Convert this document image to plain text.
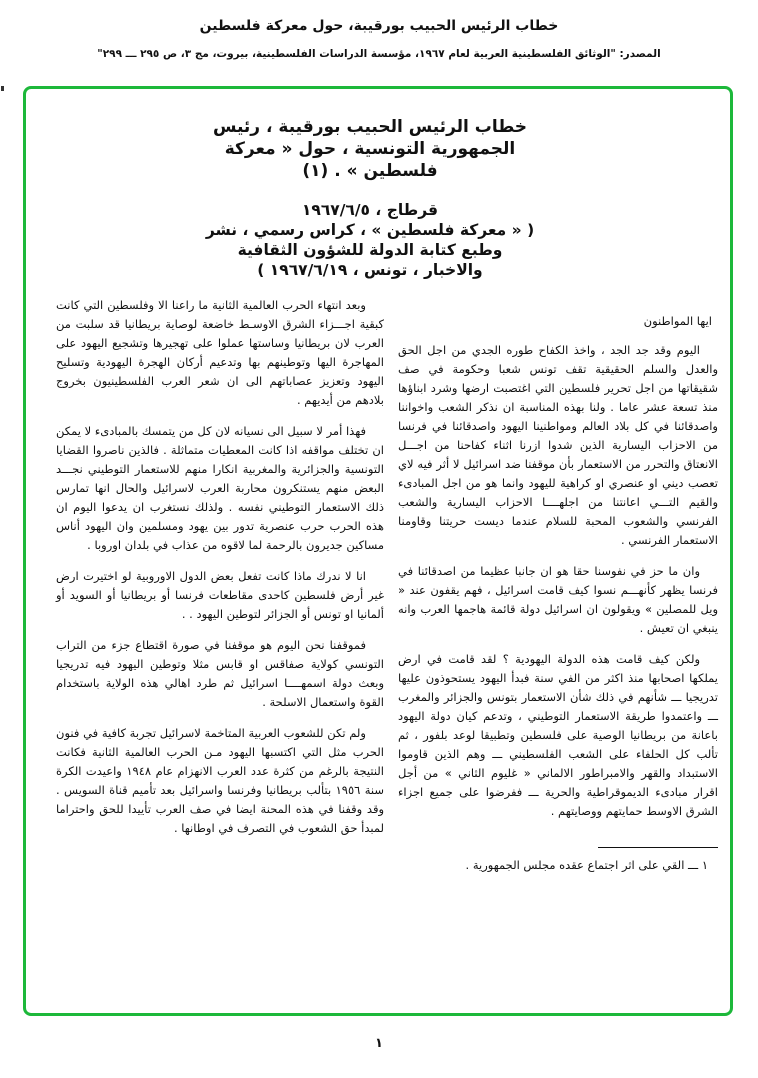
خطاب الرئيس الحبيب بورقيبة، حول معركة فلسطين
المصدر: "الوثائق الفلسطينية العربية لعام ١٩٦٧، مؤسسة الدراسات الفلسطينية، بيروت، مج ٣، ص ٢٩٥ ـــ ٢٩٩"

خطاب الرئيس الحبيب بورقيبة ، رئيس

الجمهورية التونسية ، حول « معركة

فلسطين » . (١)

قرطاج ، ١٩٦٧/٦/٥

( « معركة فلسطين » ، كراس رسمي ، نشر

وطبع كتابة الدولة للشؤون الثقافية

والاخبار ، تونس ، ١٩٦٧/٦/١٩ )

ايها المواطنون

اليوم وقد جد الجد ، واخذ الكفاح طوره الجدي من اجل الحق والعدل والسلم الحقيقية تقف تونس شعبا وحكومة في صف شقيقاتها من اجل تحرير فلسطين التي اغتصبت ارضها وشرد ابناؤها منذ تسعة عشر عاما . ولنا بهذه المناسبة ان نذكر الشعب واخواننا واصدقائنا في كل بلاد العالم ومواطنينا اليهود واصدقائنا في فرنسا من الاحزاب اليسارية الذين شدوا ازرنا اثناء كفاحنا من اجـــل الانعتاق والتحرر من الاستعمار بأن موقفنا ضد اسرائيل لا أثر فيه لاي تعصب ديني او عنصري او كراهية لليهود وانما هو من اجل المبادىء والقيم التـــي اعانتنا من اجلهــــا الاحزاب اليسارية والشعب الفرنسي والشعوب المحبة للسلام عندما ديست حريتنا وقاومنا الاستعمار الفرنسي .

وان ما حز في نفوسنا حقا هو ان جانبا عظيما من اصدقائنا في فرنسا يظهر كأنهـــم نسوا كيف قامت اسرائيل ، فهم يقفون عند « ويل للمصلين » ويقولون ان اسرائيل دولة قائمة هاجمها العرب وانه ينبغي ان تعيش .

ولكن كيف قامت هذه الدولة اليهودية ؟ لقد قامت في ارض يملكها اصحابها منذ اكثر من الفي سنة فبدأ اليهود يستحوذون عليها تدريجيا ـــ شأنهم في ذلك شأن الاستعمار بتونس والجزائر والمغرب ـــ واعتمدوا طريقة الاستعمار التوطيني ، وتدعم كيان دولة اليهود باعانة من بريطانيا الوصية على فلسطين وتطبيقا لوعد بلفور ، ثم تألب كل الحلفاء على الشعب الفلسطيني ـــ وهم الذين قاوموا الاستبداد والقهر والامبراطور الالماني « غليوم الثاني » من أجل اقرار مبادىء الديموقراطية والحرية ـــ ففرضوا على جميع اجزاء الشرق الاوسط حمايتهم ووصايتهم .

١ ـــ القي على اثر اجتماع عقده مجلس الجمهورية .

وبعد انتهاء الحرب العالمية الثانية ما راعنا الا وفلسطين التي كانت كبقية اجـــزاء الشرق الاوسـط خاضعة لوصاية بريطانيا قد سلبت من العرب لان بريطانيا وساستها عملوا على تهجيرها وتشجيع اليهود على المهاجرة اليها وتوطينهم بها وتدعيم أركان الهجرة اليهودية وتسليح اليهود وتعزيز عصاباتهم الى ان شعر العرب الفلسطينيون بخروج بلادهم من أيديهم .

فهذا أمر لا سبيل الى نسيانه لان كل من يتمسك بالمبادىء لا يمكن ان تختلف مواقفه اذا كانت المعطيات متماثلة . فالذين ناصروا القضايا التونسية والجزائرية والمغربية انكارا منهم للاستعمار التوطيني نجـــد البعض منهم يستنكرون محاربة العرب لاسرائيل والحال انها تمارس ذلك الاستعمار التوطيني نفسه . ولذلك نستغرب ان يدعوا اليوم ان هذه الحرب حرب عنصرية تدور بين يهود ومسلمين وان اليهود أناس مساكين جديرون بالرحمة لما لاقوه من عذاب في بلدان اوروبا .

انا لا ندرك ماذا كانت تفعل بعض الدول الاوروبية لو اختيرت ارض غير أرض فلسطين كاحدى مقاطعات فرنسا أو بريطانيا أو السويد أو ألمانيا او تونس أو الجزائر لتوطين اليهود . .

فموقفنا نحن اليوم هو موقفنا في صورة اقتطاع جزء من التراب التونسي كولاية صفاقس او قابس مثلا وتوطين اليهود فيه تدريجيا وبعث دولة اسمهــــا اسرائيل ثم طرد اهالي هذه الولاية باستخدام القوة واستعمال الاسلحة .

ولم تكن للشعوب العربية المتاخمة لاسرائيل تجربة كافية في فنون الحرب مثل التي اكتسبها اليهود مـن الحرب العالمية الثانية فكانت النتيجة بالرغم من كثرة عدد العرب الانهزام عام ١٩٤٨ واعيدت الكرة سنة ١٩٥٦ بتألب بريطانيا وفرنسا واسرائيل بعد تأميم قناة السويس . وقد وقفنا في هذه المحنة ايضا في صف العرب تأييدا للحق واحتراما لمبدأ حق الشعوب في التصرف في اوطانها .

١
